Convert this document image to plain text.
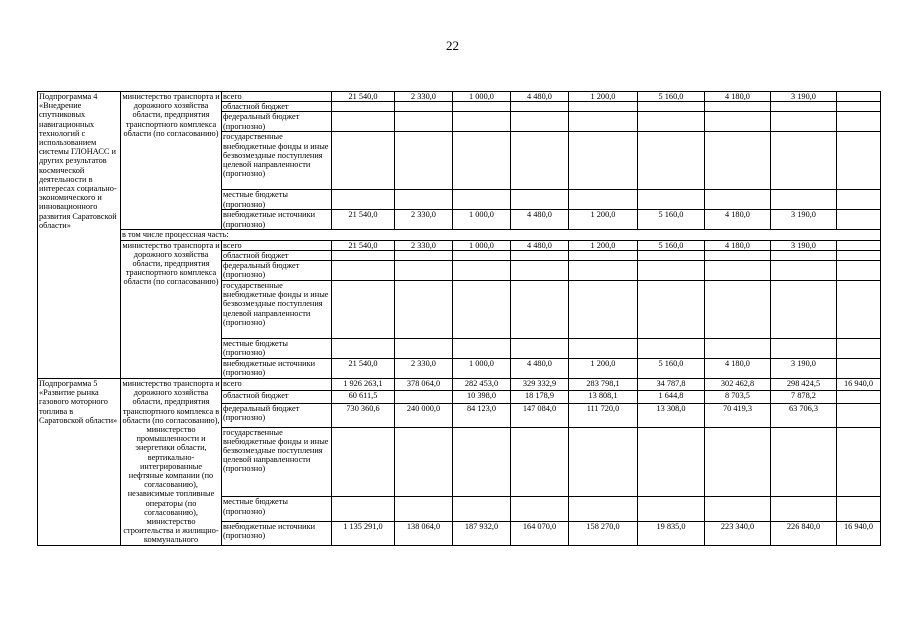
22
Подпрограмма 4 «Внедрение спутниковых навигационных технологий с использованием системы ГЛОНАСС и других результатов космической деятельности в интересах социально-экономического и инновационного развития Саратовской области»	министерство транспорта и дорожного хозяйства области, предприятия транспортного комплекса области (по согласованию)	всего	21 540,0	2 330,0	1 000,0	4 480,0	1 200,0	5 160,0	4 180,0	3 190,0	
		областной бюджет									
		федеральный бюджет (прогнозно)									
		государственные внебюджетные фонды и иные безвозмездные поступления целевой направленности (прогнозно)									
		местные бюджеты (прогнозно)									
		внебюджетные источники (прогнозно)	21 540,0	2 330,0	1 000,0	4 480,0	1 200,0	5 160,0	4 180,0	3 190,0	
	в том числе процессная часть:										
	министерство транспорта и дорожного хозяйства области, предприятия транспортного комплекса области (по согласованию)	всего	21 540,0	2 330,0	1 000,0	4 480,0	1 200,0	5 160,0	4 180,0	3 190,0	
		областной бюджет									
		федеральный бюджет (прогнозно)									
		государственные внебюджетные фонды и иные безвозмездные поступления целевой направленности (прогнозно)									
		местные бюджеты (прогнозно)									
		внебюджетные источники (прогнозно)	21 540,0	2 330,0	1 000,0	4 480,0	1 200,0	5 160,0	4 180,0	3 190,0	
Подпрограмма 5 «Развитие рынка газового моторного топлива в Саратовской области»	министерство транспорта и дорожного хозяйства области, предприятия транспортного комплекса в области (по согласованию), министерство промышленности и энергетики области, вертикально-интегрированные нефтяные компании (по согласованию), независимые топливные операторы (по согласованию), министерство строительства и жилищно-коммунального	всего	1 926 263,1	378 064,0	282 453,0	329 332,9	283 798,1	34 787,8	302 462,8	298 424,5	16 940,0
		областной бюджет	60 611,5		10 398,0	18 178,9	13 808,1	1 644,8	8 703,5	7 878,2	
		федеральный бюджет (прогнозно)	730 360,6	240 000,0	84 123,0	147 084,0	111 720,0	13 308,0	70 419,3	63 706,3	
		государственные внебюджетные фонды и иные безвозмездные поступления целевой направленности (прогнозно)									
		местные бюджеты (прогнозно)									
		внебюджетные источники (прогнозно)	1 135 291,0	138 064,0	187 932,0	164 070,0	158 270,0	19 835,0	223 340,0	226 840,0	16 940,0
